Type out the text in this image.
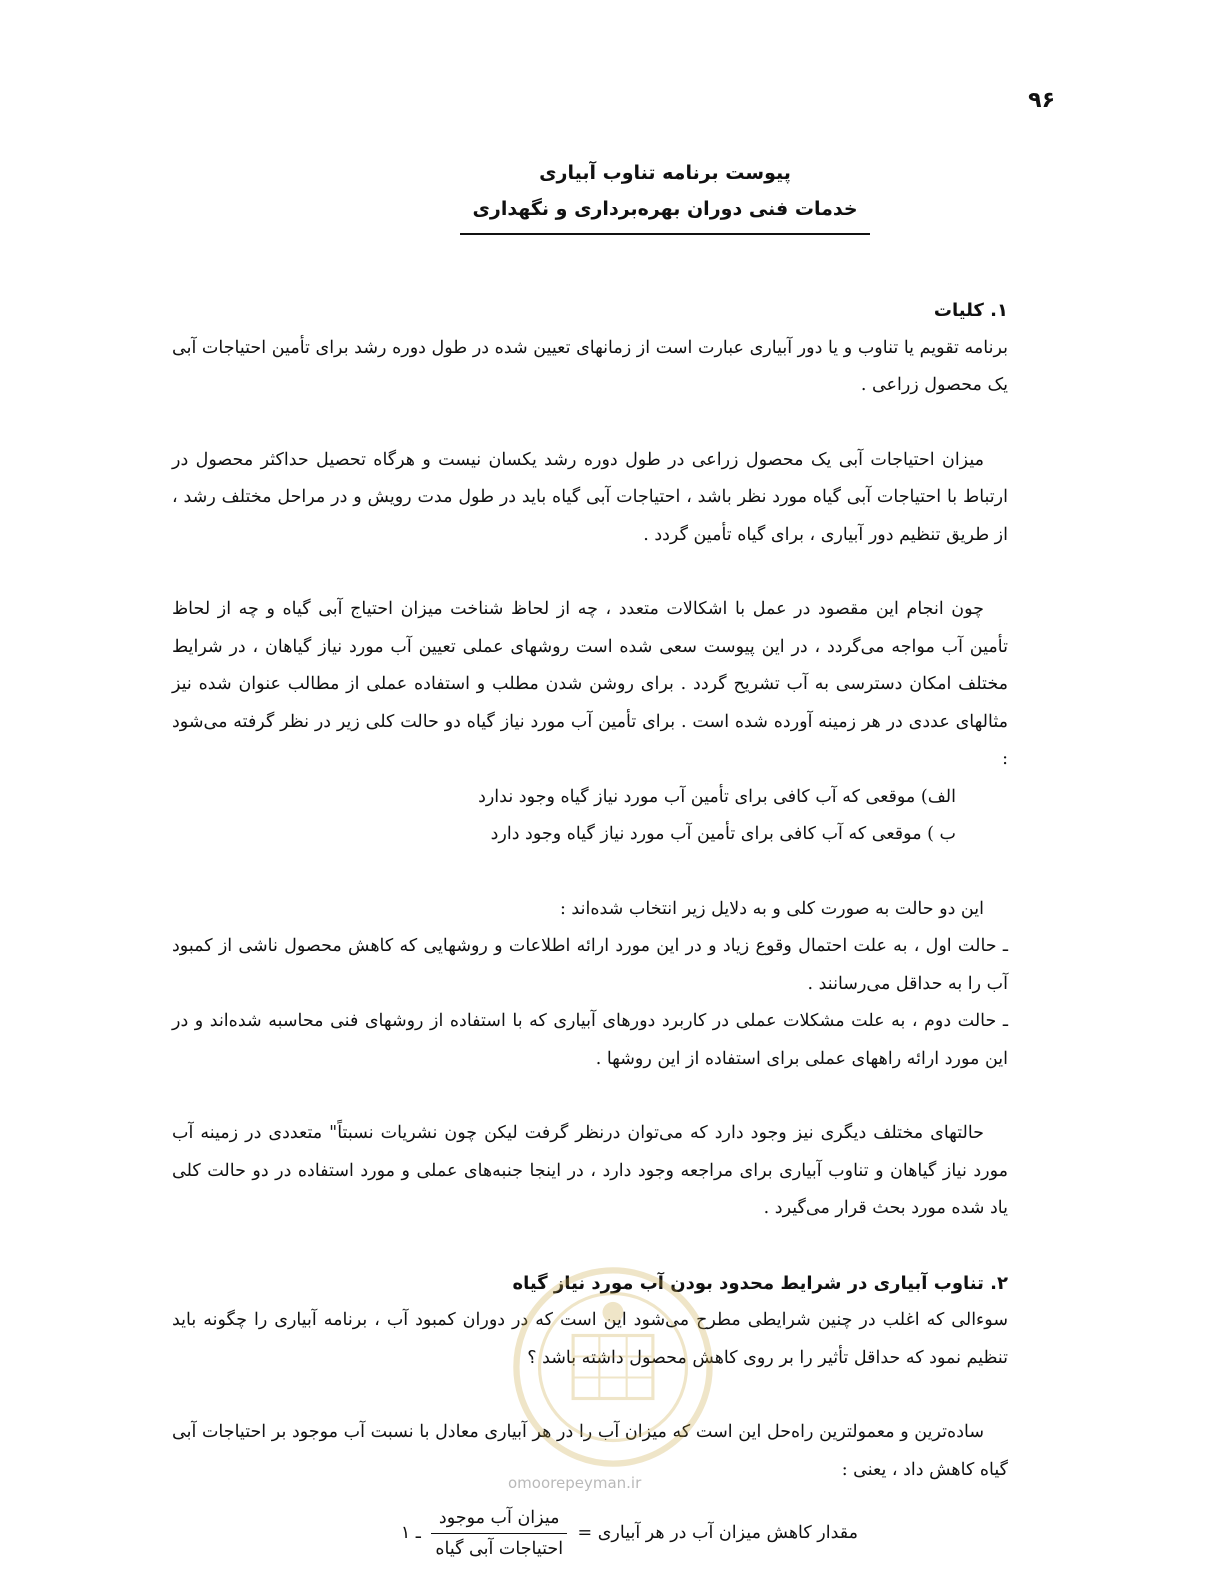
۹۶
پیوست برنامه تناوب آبیاری
خدمات فنی دوران بهره‌برداری و نگهداری
۱. کلیات

برنامه تقویم یا تناوب و یا دور آبیاری عبارت است از زمانهای تعیین شده در طول دوره رشد برای تأمین احتیاجات آبی یک محصول زراعی .

میزان احتیاجات آبی یک محصول زراعی در طول دوره رشد یکسان نیست و هرگاه تحصیل حداکثر محصول در ارتباط با احتیاجات آبی گیاه مورد نظر باشد ، احتیاجات آبی گیاه باید در طول مدت رویش و در مراحل مختلف رشد ، از طریق تنظیم دور آبیاری ، برای گیاه تأمین گردد .

چون انجام این مقصود در عمل با اشکالات متعدد ، چه از لحاظ شناخت میزان احتیاج آبی گیاه و چه از لحاظ تأمین آب مواجه می‌گردد ، در این پیوست سعی شده است روشهای عملی تعیین آب مورد نیاز گیاهان ، در شرایط مختلف امکان دسترسی به آب تشریح گردد . برای روشن شدن مطلب و استفاده عملی از مطالب عنوان شده نیز مثالهای عددی در هر زمینه آورده شده است . برای تأمین آب مورد نیاز گیاه دو حالت کلی زیر در نظر گرفته می‌شود :

الف) موقعی که آب کافی برای تأمین آب مورد نیاز گیاه وجود ندارد

ب ) موقعی که آب کافی برای تأمین آب مورد نیاز گیاه وجود دارد

این دو حالت به صورت کلی و به دلایل زیر انتخاب شده‌اند :

ـ حالت اول ، به علت احتمال وقوع زیاد و در این مورد ارائه اطلاعات و روشهایی که کاهش محصول ناشی از کمبود آب را به حداقل می‌رسانند .

ـ حالت دوم ، به علت مشکلات عملی در کاربرد دورهای آبیاری که با استفاده از روشهای فنی محاسبه شده‌اند و در این مورد ارائه راههای عملی برای استفاده از این روشها .

حالتهای مختلف دیگری نیز وجود دارد که می‌توان درنظر گرفت لیکن چون نشریات نسبتاً" متعددی در زمینه آب مورد نیاز گیاهان و تناوب آبیاری برای مراجعه وجود دارد ، در اینجا جنبه‌های عملی و مورد استفاده در دو حالت کلی یاد شده مورد بحث قرار می‌گیرد .

۲. تناوب آبیاری در شرایط محدود بودن آب مورد نیاز گیاه

سوءالی که اغلب در چنین شرایطی مطرح می‌شود این است که در دوران کمبود آب ، برنامه آبیاری را چگونه باید تنظیم نمود که حداقل تأثیر را بر روی کاهش محصول داشته باشد ؟

ساده‌ترین و معمولترین راه‌حل این است که میزان آب را در هر آبیاری معادل با نسبت آب موجود بر احتیاجات آبی گیاه کاهش داد ، یعنی :

مقدار کاهش میزان آب در هر آبیاری =
$\frac{\text{میزان آب موجود}}{\text{احتیاجات آبی گیاه}}$
ـ ۱
omoorepeyman.ir
